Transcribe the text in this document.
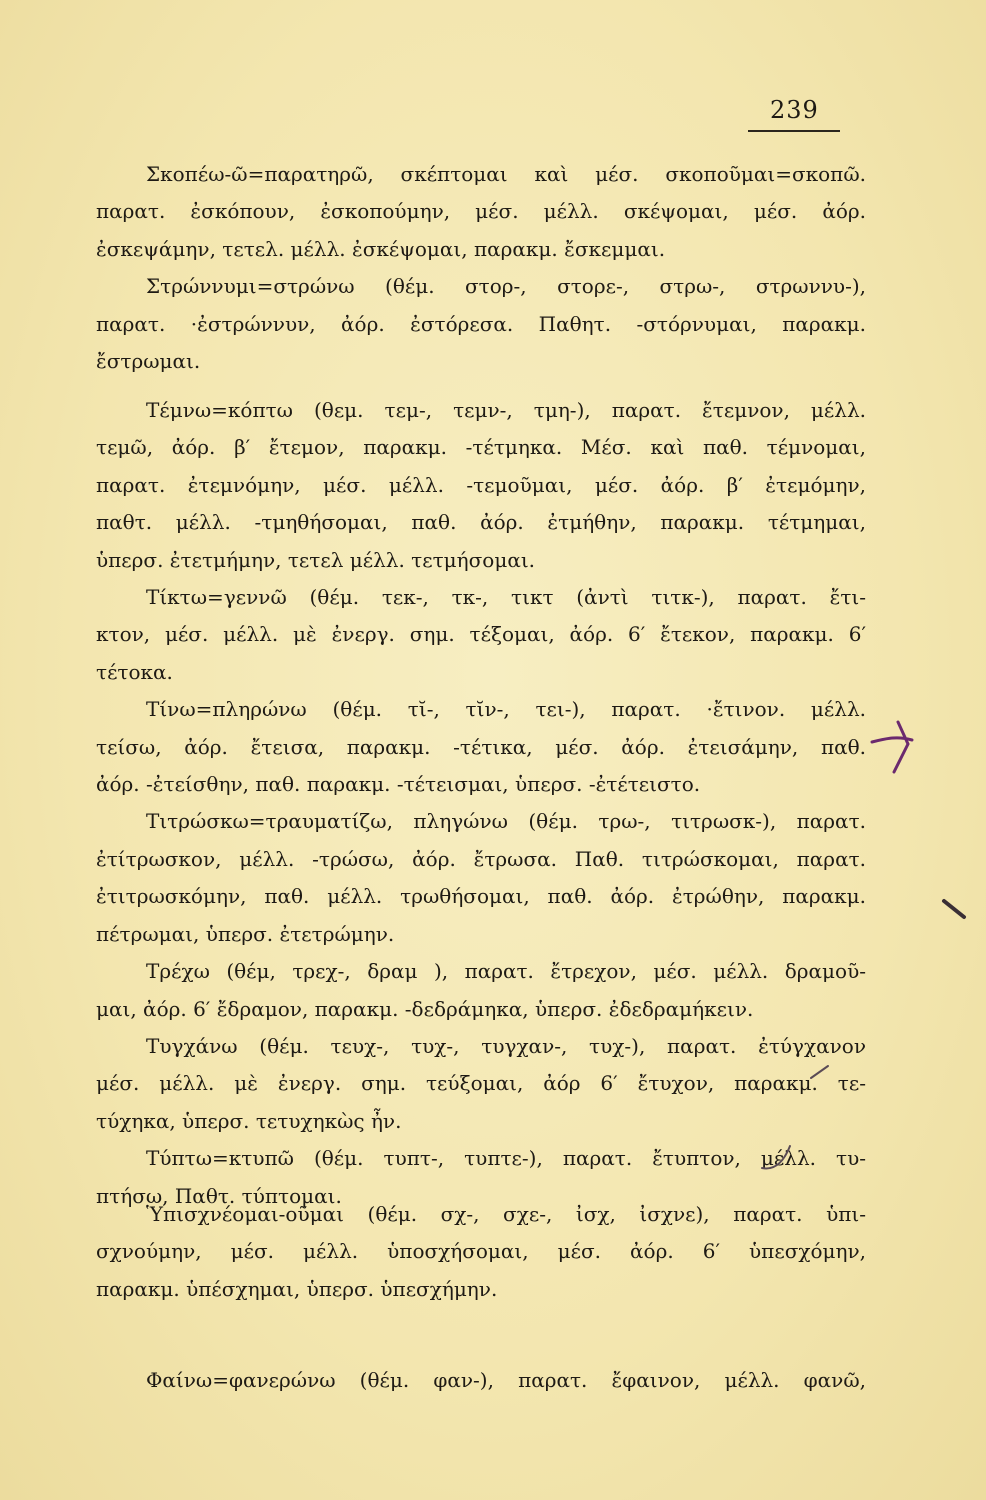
239
Σκοπέω-ῶ=παρατηρῶ, σκέπτομαι καὶ μέσ. σκοποῦμαι=σκοπῶ.
παρατ. ἐσκόπουν, ἐσκοπούμην, μέσ. μέλλ. σκέψομαι, μέσ. ἀόρ.
ἐσκεψάμην, τετελ. μέλλ. ἐσκέψομαι, παρακμ. ἔσκεμμαι.
Στρώννυμι=στρώνω (θέμ. στορ-, στορε-, στρω-, στρωννυ-),
παρατ. ·ἐστρώννυν, ἀόρ. ἐστόρεσα. Παθητ. -στόρνυμαι, παρακμ.
ἔστρωμαι.
Τέμνω=κόπτω (θεμ. τεμ-, τεμν-, τμη-), παρατ. ἔτεμνον, μέλλ.
τεμῶ, ἀόρ. β′ ἔτεμον, παρακμ. -τέτμηκα. Μέσ. καὶ παθ. τέμνομαι,
παρατ. ἐτεμνόμην, μέσ. μέλλ. -τεμοῦμαι, μέσ. ἀόρ. β′ ἐτεμόμην,
παθτ. μέλλ. -τμηθήσομαι, παθ. ἀόρ. ἐτμήθην, παρακμ. τέτμημαι,
ὑπερσ. ἐτετμήμην, τετελ μέλλ. τετμήσομαι.
Τίκτω=γεννῶ (θέμ. τεκ-, τκ-, τικτ (ἀντὶ τιτκ-), παρατ. ἔτι-
κτον, μέσ. μέλλ. μὲ ἐνεργ. σημ. τέξομαι, ἀόρ. 6′ ἔτεκον, παρακμ. 6′
τέτοκα.
Τίνω=πληρώνω (θέμ. τῐ-, τῐν-, τει-), παρατ. ·ἔτινον. μέλλ.
τείσω, ἀόρ. ἔτεισα, παρακμ. -τέτικα, μέσ. ἀόρ. ἐτεισάμην, παθ.
ἀόρ. -ἐτείσθην, παθ. παρακμ. -τέτεισμαι, ὑπερσ. -ἐτέτειστο.
Τιτρώσκω=τραυματίζω, πληγώνω (θέμ. τρω-, τιτρωσκ-), παρατ.
ἐτίτρωσκον, μέλλ. -τρώσω, ἀόρ. ἔτρωσα. Παθ. τιτρώσκομαι, παρατ.
ἐτιτρωσκόμην, παθ. μέλλ. τρωθήσομαι, παθ. ἀόρ. ἐτρώθην, παρακμ.
πέτρωμαι, ὑπερσ. ἐτετρώμην.
Τρέχω (θέμ, τρεχ-, δραμ ), παρατ. ἔτρεχον, μέσ. μέλλ. δραμοῦ-
μαι, ἀόρ. 6′ ἔδραμον, παρακμ. -δεδράμηκα, ὑπερσ. ἐδεδραμήκειν.
Τυγχάνω (θέμ. τευχ-, τυχ-, τυγχαν-, τυχ-), παρατ. ἐτύγχανον
μέσ. μέλλ. μὲ ἐνεργ. σημ. τεύξομαι, ἀόρ 6′ ἔτυχον, παρακμ. τε-
τύχηκα, ὑπερσ. τετυχηκὼς ἦν.
Τύπτω=κτυπῶ (θέμ. τυπτ-, τυπτε-), παρατ. ἔτυπτον, μέλλ. τυ-
πτήσω, Παθτ. τύπτομαι.
Ὑπισχνέομαι-οῦμαι (θέμ. σχ-, σχε-, ἰσχ, ἰσχνε), παρατ. ὑπι-
σχνούμην, μέσ. μέλλ. ὑποσχήσομαι, μέσ. ἀόρ. 6′ ὑπεσχόμην,
παρακμ. ὑπέσχημαι, ὑπερσ. ὑπεσχήμην.
Φαίνω=φανερώνω (θέμ. φαν-), παρατ. ἔφαινον, μέλλ. φανῶ,
